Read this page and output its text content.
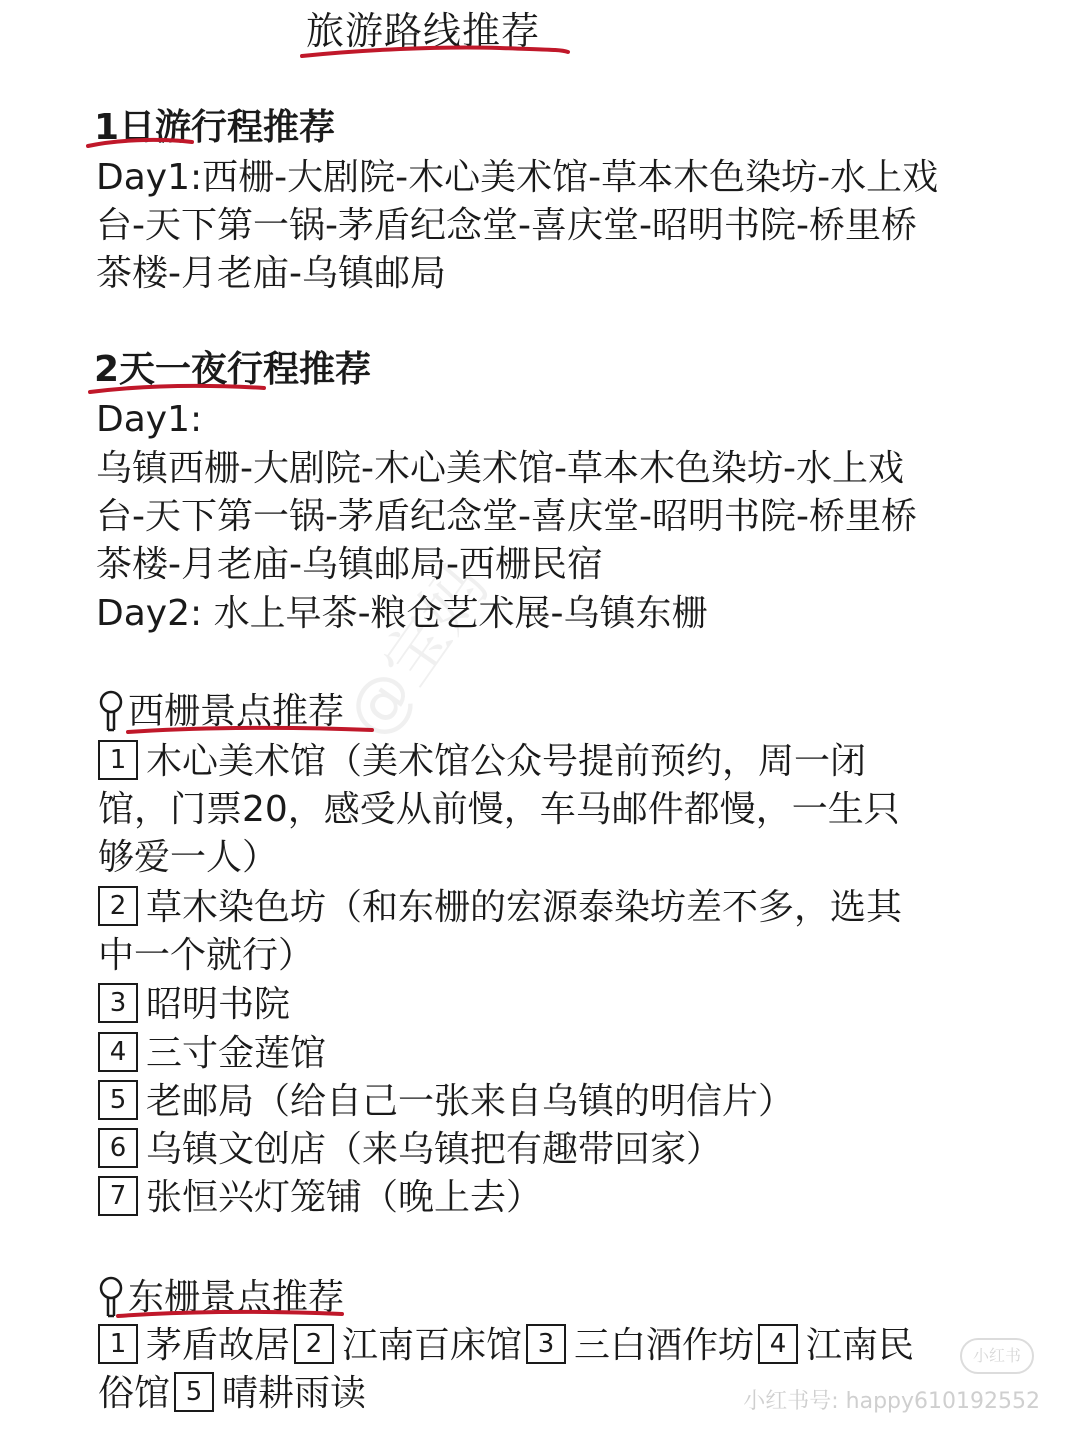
旅游路线推荐
1日游行程推荐
Day1:西栅-大剧院-木心美术馆-草本木色染坊-水上戏
台-天下第一锅-茅盾纪念堂-喜庆堂-昭明书院-桥里桥
茶楼-月老庙-乌镇邮局
2天一夜行程推荐
Day1:
乌镇西栅-大剧院-木心美术馆-草本木色染坊-水上戏
台-天下第一锅-茅盾纪念堂-喜庆堂-昭明书院-桥里桥
茶楼-月老庙-乌镇邮局-西栅民宿
Day2: 水上早茶-粮仓艺术展-乌镇东栅
@宝妈
西栅景点推荐
1 木心美术馆（美术馆公众号提前预约，周一闭
馆，门票20，感受从前慢，车马邮件都慢，一生只
够爱一人）
2 草木染色坊（和东栅的宏源泰染坊差不多，选其
中一个就行）
3 昭明书院
4 三寸金莲馆
5 老邮局（给自己一张来自乌镇的明信片）
6 乌镇文创店（来乌镇把有趣带回家）
7 张恒兴灯笼铺（晚上去）
东栅景点推荐
1 茅盾故居 2 江南百床馆 3 三白酒作坊 4 江南民
俗馆 5 晴耕雨读
小红书
小红书号: happy610192552
